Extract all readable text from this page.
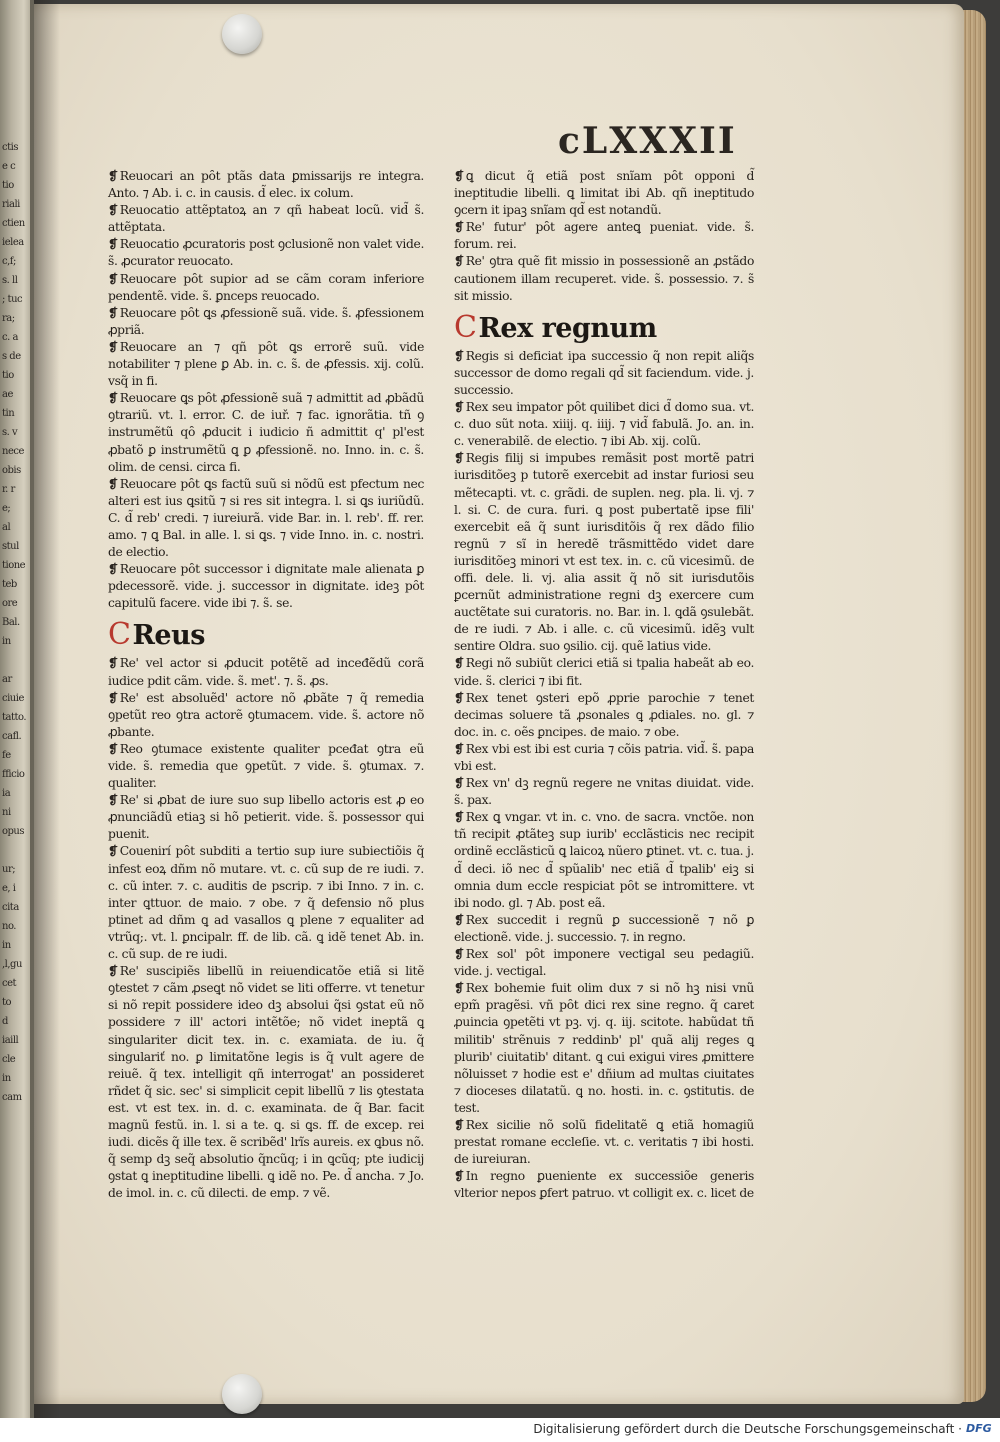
ctis
e c
tio
riali
ctien
ielea
c,f;
s. ll
; tuc
ra;
c. a
s de
tio
ae
tin
s. v
nece
obis
r. r
e;
al
stul
tione
teb
ore
Bal.
in
ar
ciuie
tatto.
cafl.
fe
fficio
ia
ni
opus
ur;
e, i
cita
no.
in
,l,gu
cet
to
d
iaill
cle
in
cam
cLXXXII

❡ Reuocari an pȏt ptãs data ꝑmissarijs re integra. Anto. ⁊ Ab. i. c. in causis. d̃ elec. ix colum.

❡ Reuocatio attẽptatoꝝ an ⁊ qñ habeat locũ. vid̃ s̃. attẽptata.

❡ Reuocatio ꝓcuratoris post ꝯclusionẽ non valet vide. s̃. ꝓcurator reuocato.

❡ Reuocare pȏt supior ad se cãm coram inferiore pendentẽ. vide. s̃. ꝑnceps reuocado.

❡ Reuocare pȏt ꝗs ꝓfessionẽ suã. vide. s̃. ꝓfessionem ꝓpriã.

❡ Reuocare an ⁊ qñ pȏt ꝗs errorẽ suũ. vide notabiliter ⁊ plene ꝑ Ab. in. c. s̃. de ꝓfessis. xij. colũ. vsq̃ in fi.

❡ Reuocare ꝗs pȏt ꝓfessionẽ suã ⁊ admittit ad ꝓbãdũ ꝯtrariũ. vt. l. error. C. de iuř. ⁊ fac. ignorãtia. tñ ꝯ instrumẽtũ qȏ ꝓducit i iudicio ñ admittit q' pl'est ꝓbatõ ꝑ instrumẽtũ ꝗ ꝑ ꝓfessionẽ. no. Inno. in. c. s̃. olim. de censi. circa fi.

❡ Reuocare pȏt ꝗs factũ suũ si nõdũ est pfectum nec alteri est ius ꝗsitũ ⁊ si res sit integra. l. si ꝗs iuriũdũ. C. d̃ reb' credi. ⁊ iureiurã. vide Bar. in. l. reb'. ff. rer. amo. ⁊ ꝗ Bal. in alle. l. si ꝗs. ⁊ vide Inno. in. c. nostri. de electio.

❡ Reuocare pȏt successor i dignitate male alienata ꝑ pdecessorẽ. vide. j. successor in dignitate. ideꝫ pȏt capitulũ facere. vide ibi ⁊. s̃. se.

CReus

❡ Re' vel actor si ꝓducit potẽtẽ ad inceđẽdũ corã iudice pdit cãm. vide. s̃. met'. ⁊. s̃. ꝓs.

❡ Re' est absoluẽd' actore nõ ꝓbãte ⁊ q̃ remedia ꝯpetũt reo ꝯtra actorẽ ꝯtumacem. vide. s̃. actore nõ ꝓbante.

❡ Reo ꝯtumace existente qualiter pceđat ꝯtra eũ vide. s̃. remedia que ꝯpetũt. ⁊ vide. s̃. ꝯtumax. ⁊. qualiter.

❡ Re' si ꝓbat de iure suo sup libello actoris est ꝓ eo ꝓnunciãdũ etiaꝫ si hõ petierit. vide. s̃. possessor qui puenit.

❡ Couenirí pȏt subditi a tertio sup iure subiectiõis q̃ infest eoꝝ dñm nõ mutare. vt. c. cũ sup de re iudi. ⁊. c. cũ inter. ⁊. c. auditis de pscrip. ⁊ ibi Inno. ⁊ in. c. inter ꝗttuor. de maio. ⁊ obe. ⁊ q̃ defensio nõ plus ptinet ad dñm ꝗ ad vasallos ꝗ plene ⁊ equaliter ad vtrũq;. vt. l. ꝑncipalr. ff. de lib. cã. ꝗ idẽ tenet Ab. in. c. cũ sup. de re iudi.

❡ Re' suscipiẽs libellũ in reiuendicatõe etiã si litẽ ꝯtestet ⁊ cãm ꝓseꝗt nõ videt se liti offerre. vt tenetur si nõ repit possidere ideo dꝫ absolui q̃si ꝯstat eũ nõ possidere ⁊ ill' actori intẽtõe; nõ videt ineptã ꝗ singulariter dicit tex. in. c. examiata. de iu. q̃ singulariť no. ꝑ limitatõne legis is q̃ vult agere de reiuẽ. q̃ tex. intelligit qñ interrogat' an possideret rñdet q̃ sic. sec' si simplicit cepit libellũ ⁊ lis ꝯtestata est. vt est tex. in. d. c. examinata. de q̃ Bar. facit magnũ festũ. in. l. si a te. ꝗ. si ꝗs. ff. de excep. rei iudi. dicẽs q̃ ille tex. ẽ scribẽd' lrĩs aureis. ex ꝗbus nõ. q̃ semp dꝫ seq̃ absolutio q̃ncũq; i in ꝗcũq; pte iudicij ꝯstat ꝗ ineptitudine libelli. ꝗ idẽ no. Pe. d̃ ancha. ⁊ Jo. de imol. in. c. cũ dilecti. de emp. ⁊ vẽ.

❡ ꝗ dicut q̃ etiã post snĩam pȏt opponi d̃ ineptitudie libelli. ꝗ limitat ibi Ab. qñ ineptitudo ꝯcern it ipaꝫ snĩam qd̃ est notandũ.

❡ Re' futur' pȏt agere anteꝗ pueniat. vide. s̃. forum. rei.

❡ Re' ꝯtra quẽ fit missio in possessionẽ an ꝓstãdo cautionem illam recuperet. vide. s̃. possessio. ⁊. s̃ sit missio.

CRex regnum

❡ Regis si deficiat ipa successio q̃ non repit aliq̃s successor de domo regali qd̃ sit faciendum. vide. j. successio.

❡ Rex seu impator pȏt quilibet dici d̃ domo sua. vt. c. duo sũt nota. xiiij. q. iiij. ⁊ vid̃ fabulã. Jo. an. in. c. venerabilẽ. de electio. ⁊ ibi Ab. xij. colũ.

❡ Regis filij si impubes remãsit post mortẽ patri iurisditõeꝫ p tutorẽ exercebit ad instar furiosi seu mẽtecapti. vt. c. grãdi. de suplen. neg. pla. li. vj. ⁊ l. si. C. de cura. furi. ꝗ post pubertatẽ ipse fili' exercebit eã q̃ sunt iurisditõis q̃ rex dãdo filio regnũ ⁊ sĩ in heredẽ trãsmittẽdo videt dare iurisditõeꝫ minori vt est tex. in. c. cũ vicesimũ. de offi. dele. li. vj. alia assit q̃ nõ sit iurisdutõis ꝑcernũt administratione regni dꝫ exercere cum auctẽtate sui curatoris. no. Bar. in. l. ꝗdã ꝯsulebãt. de re iudi. ⁊ Ab. i alle. c. cũ vicesimũ. idẽꝫ vult sentire Oldra. suo ꝯsilio. cij. quẽ latius vide.

❡ Regi nõ subiũt clerici etiã si tpalia habeãt ab eo. vide. s̃. clerici ⁊ ibi fit.

❡ Rex tenet ꝯsteri epõ ꝓprie parochie ⁊ tenet decimas soluere tã ꝓsonales ꝗ ꝓdiales. no. gl. ⁊ doc. in. c. oẽs ꝑncipes. de maio. ⁊ obe.

❡ Rex vbi est ibi est curia ⁊ cõis patria. vid̃. s̃. papa vbi est.

❡ Rex vn' dꝫ regnũ regere ne vnitas diuidat. vide. s̃. pax.

❡ Rex ꝗ vngar. vt in. c. vno. de sacra. vnctõe. non tñ recipit ꝓtãteꝫ sup iurib' ecclãsticis nec recipit ordinẽ ecclãsticũ ꝗ laicoꝝ nũero ꝑtinet. vt. c. tua. j. d̃ deci. iõ nec d̃ spũalib' nec etiã d̃ tpalib' eiꝫ si omnia dum eccle respiciat pȏt se intromittere. vt ibi nodo. gl. ⁊ Ab. post eã.

❡ Rex succedit i regnũ ꝑ successionẽ ⁊ nõ ꝑ electionẽ. vide. j. successio. ⁊. in regno.

❡ Rex sol' pȏt imponere vectigal seu pedagiũ. vide. j. vectigal.

❡ Rex bohemie fuit olim dux ⁊ si nõ hꝫ nisi vnũ epm̃ pragẽsi. vñ pȏt dici rex sine regno. q̃ caret ꝓuincia ꝯpetẽti vt pꝫ. vj. q. iij. scitote. habũdat tñ militib' strẽnuis ⁊ reddinb' pl' quã alij reges ꝗ plurib' ciuitatib' ditant. ꝗ cui exigui vires ꝓmittere nõluisset ⁊ hodie est e' dñium ad multas ciuitates ⁊ dioceses dilatatũ. ꝗ no. hosti. in. c. ꝯstitutis. de test.

❡ Rex sicilie nõ solũ fidelitatẽ ꝗ etiã homagiũ prestat romane eccleſie. vt. c. veritatis ⁊ ibi hosti. de iureiuran.

❡ In regno ꝑueniente ex successiõe generis vlterior nepos ꝑfert patruo. vt colligit ex. c. licet de

Digitalisierung gefördert durch die Deutsche Forschungsgemeinschaft · DFG
